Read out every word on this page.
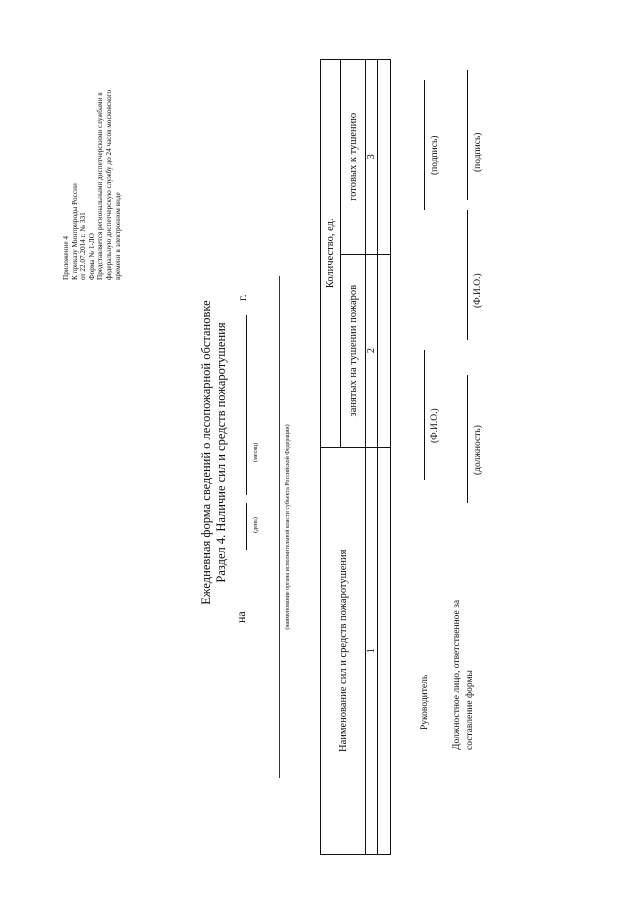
Приложение 4 К приказу Минприроды России от 22.07.2014 г. № 331 Форма № 1-ЛО Представляется региональными диспетчерскими службами в федеральную диспетчерскую службу до 24 часов московского времени в электронном виде
Ежедневная форма сведений о лесопожарной обстановке Раздел 4. Наличие сил и средств пожаротушения
на
г.
(день)
(месяц)	(наименование органа исполнительной власти субъекта Российской Федерации)
Наименование сил и средств пожаротушения	Количество, ед.	
	занятых на тушении пожаров	готовых к тушению
1	2	3

Руководитель
(Ф.И.О.)
(подпись)
Должностное лицо, ответственное за составление формы
(должность)
(Ф.И.О.)
(подпись)
